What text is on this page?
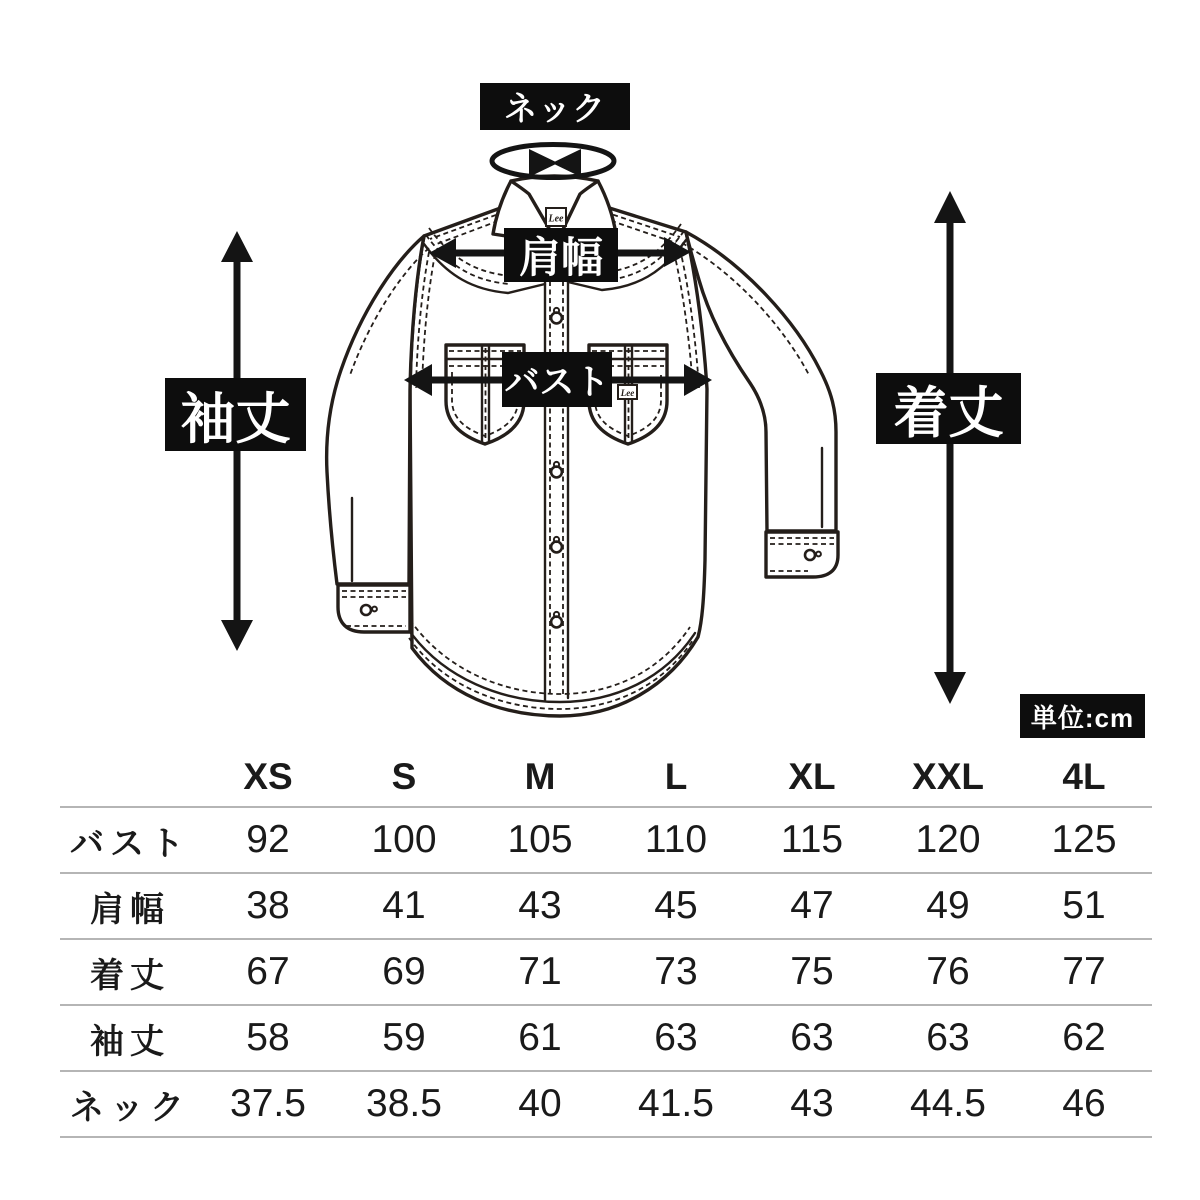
Lee
Lee
ネック
肩幅
バスト
袖丈	着丈
単位:cm
	XS	S	M	L	XL	XXL	4L
バスト	92	100	105	110	115	120	125
肩幅	38	41	43	45	47	49	51
着丈	67	69	71	73	75	76	77
袖丈	58	59	61	63	63	63	62
ネック	37.5	38.5	40	41.5	43	44.5	46
